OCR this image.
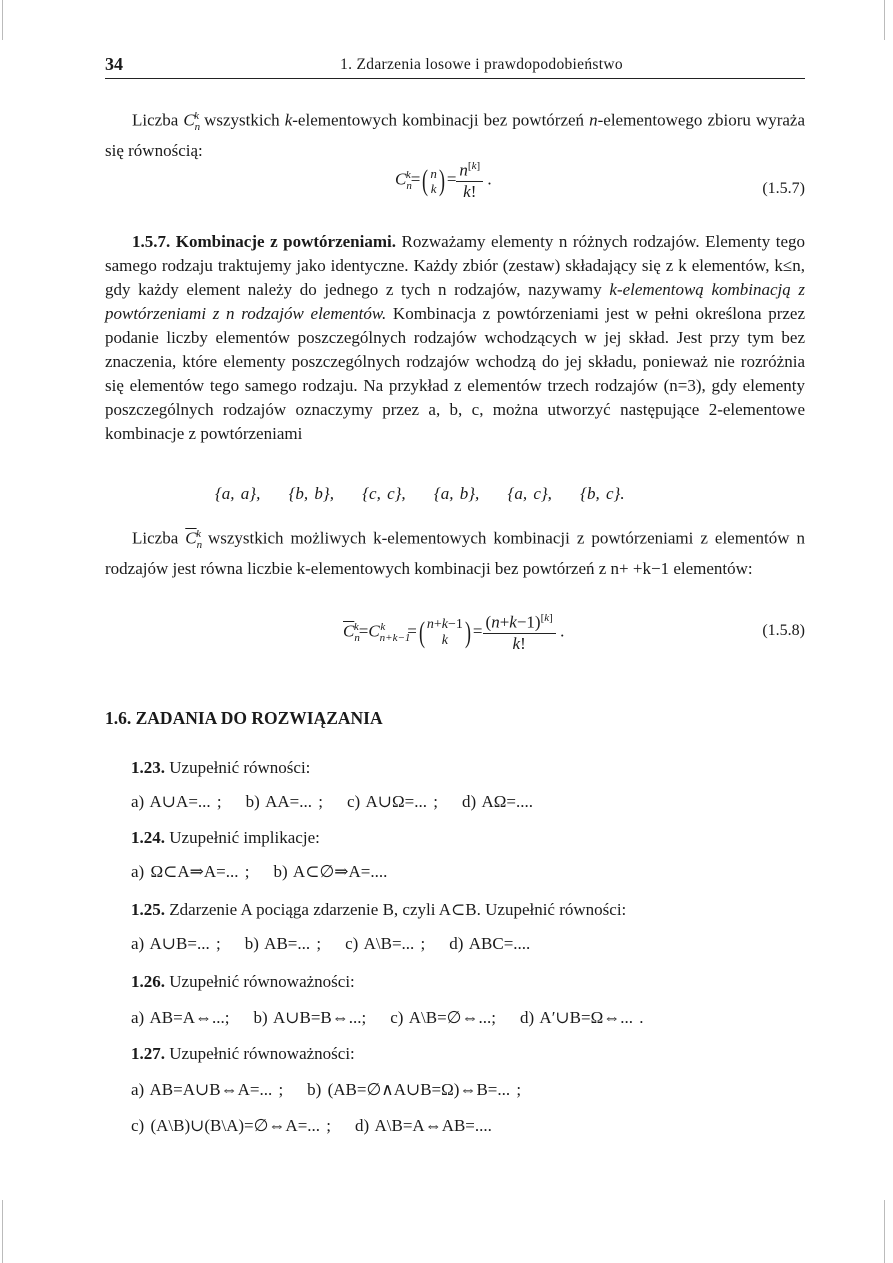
34	1. Zdarzenia losowe i prawdopodobieństwo
Liczba $C_n^k$ wszystkich k-elementowych kombinacji bez powtórzeń n-elementowego zbioru wyraża się równością:
$C_n^k=$( n
$k) = \frac{n^{[k]}}{k!}$ .	(1.5.7)
1.5.7. Kombinacje z powtórzeniami. Rozważamy elementy n różnych rodzajów. Elementy tego samego rodzaju traktujemy jako identyczne. Każdy zbiór (zestaw) składający się z k elementów, k≤n, gdy każdy element należy do jednego z tych n rodzajów, nazywamy k-elementową kombinacją z powtórzeniami z n rodzajów elementów. Kombinacja z powtórzeniami jest w pełni określona przez podanie liczby elementów poszczególnych rodzajów wchodzących w jej skład. Jest przy tym bez znaczenia, które elementy poszczególnych rodzajów wchodzą do jej składu, ponieważ nie rozróżnia się elementów tego samego rodzaju. Na przykład z elementów trzech rodzajów (n=3), gdy elementy poszczególnych rodzajów oznaczymy przez a, b, c, można utworzyć następujące 2-elementowe kombinacje z powtórzeniami
{a, a}, {b, b}, {c, c}, {a, b}, {a, c}, {b, c}.
Liczba $\overline{C}_n^k$ wszystkich możliwych k-elementowych kombinacji z powtórzeniami z elementów n rodzajów jest równa liczbie k-elementowych kombinacji bez powtórzeń z n+ +k−1 elementów:
$\overline{C}_n^k=C_{n+k-1}^k$ =( n+k−1
k ) = $\frac{(n+k-1)^{[k]}}{k!}$ .	(1.5.8)
1.6. ZADANIA DO ROZWIĄZANIA
1.23. Uzupełnić równości:
a) A∪A=... ; b) AA=... ; c) A∪Ω=... ; d) AΩ=....
1.24. Uzupełnić implikacje:
a) Ω⊂A⇒A=... ; b) A⊂∅⇒A=....
1.25. Zdarzenie A pociąga zdarzenie B, czyli A⊂B. Uzupełnić równości:
a) A∪B=... ; b) AB=... ; c) A\B=... ; d) ABC=....
1.26. Uzupełnić równoważności:
a) AB=A⇔...; b) A∪B=B⇔...; c) A\B=∅⇔...; d) A′∪B=Ω⇔... .
1.27. Uzupełnić równoważności:
a) AB=A∪B⇔A=... ; b) (AB=∅∧A∪B=Ω)⇔B=... ;
c) (A\B)∪(B\A)=∅⇔A=... ; d) A\B=A⇔AB=....
